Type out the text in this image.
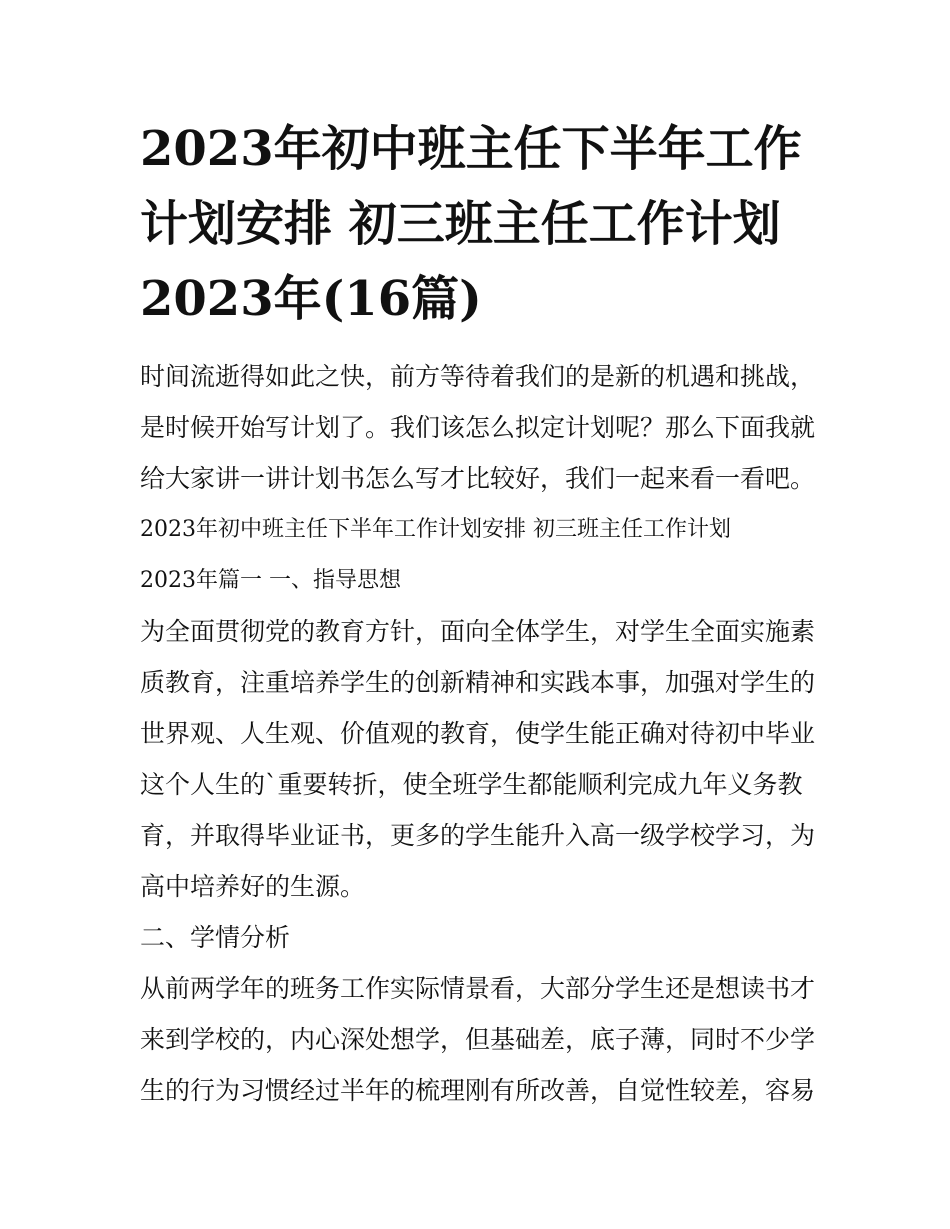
2023年初中班主任下半年工作
计划安排 初三班主任工作计划
2023年(16篇)
时间流逝得如此之快，前方等待着我们的是新的机遇和挑战，
是时候开始写计划了。我们该怎么拟定计划呢？那么下面我就
给大家讲一讲计划书怎么写才比较好，我们一起来看一看吧。
2023年初中班主任下半年工作计划安排 初三班主任工作计划
2023年篇一 一、指导思想
为全面贯彻党的教育方针，面向全体学生，对学生全面实施素
质教育，注重培养学生的创新精神和实践本事，加强对学生的
世界观、人生观、价值观的教育，使学生能正确对待初中毕业
这个人生的`重要转折，使全班学生都能顺利完成九年义务教
育，并取得毕业证书，更多的学生能升入高一级学校学习，为
高中培养好的生源。
二、学情分析
从前两学年的班务工作实际情景看，大部分学生还是想读书才
来到学校的，内心深处想学，但基础差，底子薄，同时不少学
生的行为习惯经过半年的梳理刚有所改善，自觉性较差，容易
